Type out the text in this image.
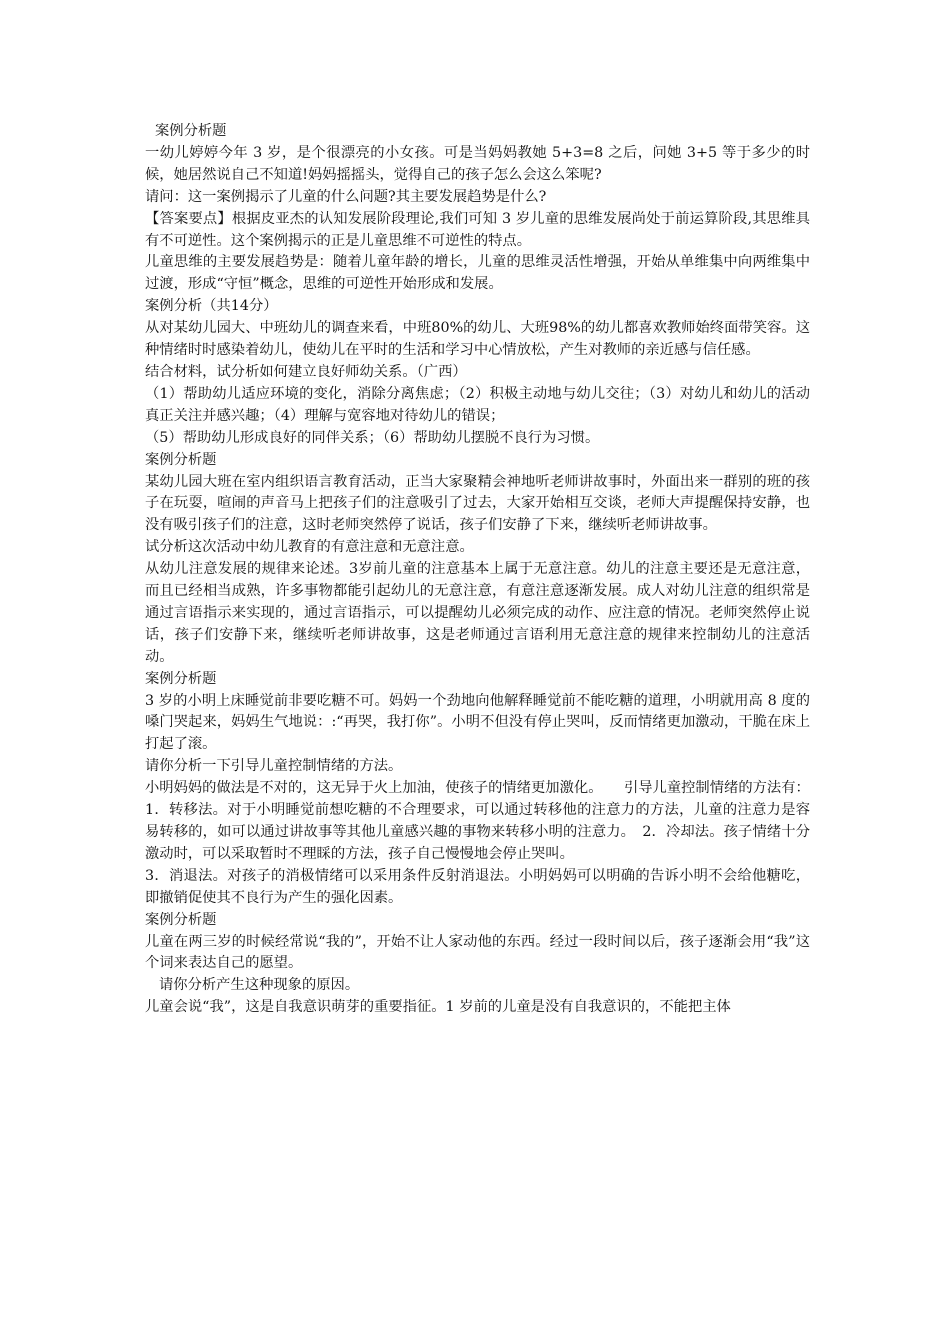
案例分析题

一幼儿婷婷今年 3 岁，是个很漂亮的小女孩。可是当妈妈教她 5+3=8 之后，问她 3+5 等于多少的时候，她居然说自己不知道!妈妈摇摇头，觉得自己的孩子怎么会这么笨呢?

请问：这一案例揭示了儿童的什么问题?其主要发展趋势是什么?

【答案要点】根据皮亚杰的认知发展阶段理论,我们可知 3 岁儿童的思维发展尚处于前运算阶段,其思维具有不可逆性。这个案例揭示的正是儿童思维不可逆性的特点。

儿童思维的主要发展趋势是：随着儿童年龄的增长，儿童的思维灵活性增强，开始从单维集中向两维集中过渡，形成“守恒”概念，思维的可逆性开始形成和发展。

案例分析（共14分）

从对某幼儿园大、中班幼儿的调查来看，中班80%的幼儿、大班98%的幼儿都喜欢教师始终面带笑容。这种情绪时时感染着幼儿，使幼儿在平时的生活和学习中心情放松，产生对教师的亲近感与信任感。

结合材料，试分析如何建立良好师幼关系。（广西）

（1）帮助幼儿适应环境的变化，消除分离焦虑；（2）积极主动地与幼儿交往；（3）对幼儿和幼儿的活动真正关注并感兴趣；（4）理解与宽容地对待幼儿的错误；

（5）帮助幼儿形成良好的同伴关系；（6）帮助幼儿摆脱不良行为习惯。

案例分析题

某幼儿园大班在室内组织语言教育活动，正当大家聚精会神地听老师讲故事时，外面出来一群别的班的孩子在玩耍，喧闹的声音马上把孩子们的注意吸引了过去，大家开始相互交谈，老师大声提醒保持安静，也没有吸引孩子们的注意，这时老师突然停了说话，孩子们安静了下来，继续听老师讲故事。

试分析这次活动中幼儿教育的有意注意和无意注意。

从幼儿注意发展的规律来论述。3岁前儿童的注意基本上属于无意注意。幼儿的注意主要还是无意注意，而且已经相当成熟，许多事物都能引起幼儿的无意注意，有意注意逐渐发展。成人对幼儿注意的组织常是通过言语指示来实现的，通过言语指示，可以提醒幼儿必须完成的动作、应注意的情况。老师突然停止说话，孩子们安静下来，继续听老师讲故事，这是老师通过言语利用无意注意的规律来控制幼儿的注意活动。

案例分析题

3 岁的小明上床睡觉前非要吃糖不可。妈妈一个劲地向他解释睡觉前不能吃糖的道理，小明就用高 8 度的嗓门哭起来，妈妈生气地说：:“再哭，我打你”。小明不但没有停止哭叫，反而情绪更加激动，干脆在床上打起了滚。

请你分析一下引导儿童控制情绪的方法。

小明妈妈的做法是不对的，这无异于火上加油，使孩子的情绪更加激化。　　引导儿童控制情绪的方法有：

1．转移法。对于小明睡觉前想吃糖的不合理要求，可以通过转移他的注意力的方法，儿童的注意力是容易转移的，如可以通过讲故事等其他儿童感兴趣的事物来转移小明的注意力。　2．冷却法。孩子情绪十分激动时，可以采取暂时不理睬的方法，孩子自己慢慢地会停止哭叫。

3．消退法。对孩子的消极情绪可以采用条件反射消退法。小明妈妈可以明确的告诉小明不会给他糖吃，即撤销促使其不良行为产生的强化因素。

案例分析题

儿童在两三岁的时候经常说“我的”，开始不让人家动他的东西。经过一段时间以后，孩子逐渐会用“我”这个词来表达自己的愿望。

请你分析产生这种现象的原因。

儿童会说“我”，这是自我意识萌芽的重要指征。1 岁前的儿童是没有自我意识的，不能把主体
